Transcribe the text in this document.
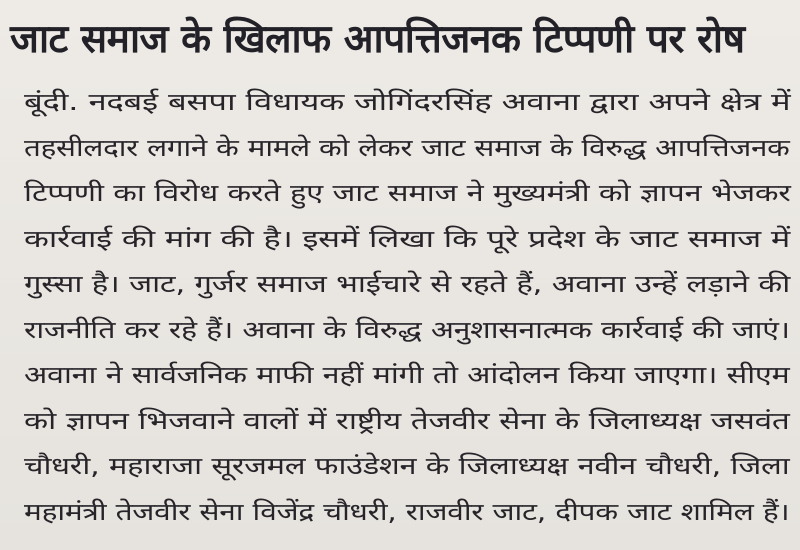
जाट समाज के खिलाफ आपत्तिजनक टिप्पणी पर रोष
बूंदी. नदबई बसपा विधायक जोगिंदरसिंह अवाना द्वारा अपने क्षेत्र में
तहसीलदार लगाने के मामले को लेकर जाट समाज के विरुद्ध आपत्तिजनक
टिप्पणी का विरोध करते हुए जाट समाज ने मुख्यमंत्री को ज्ञापन भेजकर
कार्रवाई की मांग की है। इसमें लिखा कि पूरे प्रदेश के जाट समाज में
गुस्सा है। जाट, गुर्जर समाज भाईचारे से रहते हैं, अवाना उन्हें लड़ाने की
राजनीति कर रहे हैं। अवाना के विरुद्ध अनुशासनात्मक कार्रवाई की जाएं।
अवाना ने सार्वजनिक माफी नहीं मांगी तो आंदोलन किया जाएगा। सीएम
को ज्ञापन भिजवाने वालों में राष्ट्रीय तेजवीर सेना के जिलाध्यक्ष जसवंत
चौधरी, महाराजा सूरजमल फाउंडेशन के जिलाध्यक्ष नवीन चौधरी, जिला
महामंत्री तेजवीर सेना विजेंद्र चौधरी, राजवीर जाट, दीपक जाट शामिल हैं।
